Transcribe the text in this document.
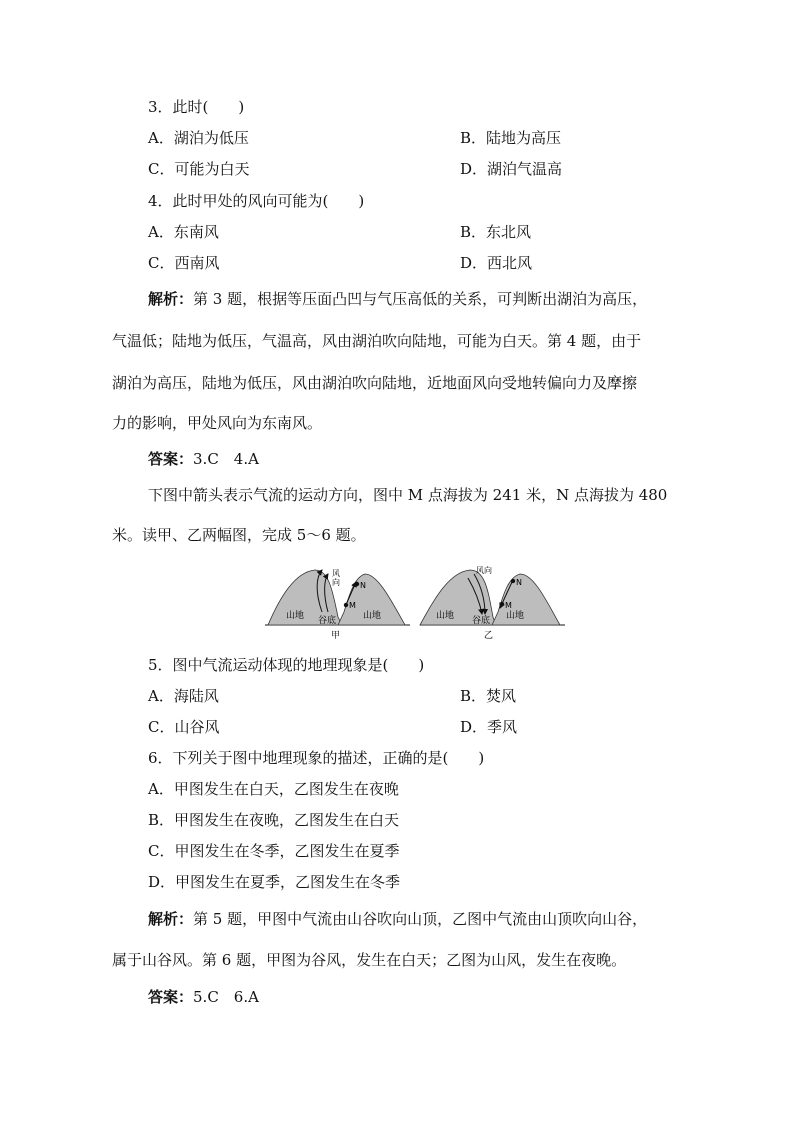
3．此时(　　)
A．湖泊为低压	B．陆地为高压
C．可能为白天	D．湖泊气温高
4．此时甲处的风向可能为(　　)
A．东南风	B．东北风
C．西南风	D．西北风
解析：第 3 题，根据等压面凸凹与气压高低的关系，可判断出湖泊为高压，
气温低；陆地为低压，气温高，风由湖泊吹向陆地，可能为白天。第 4 题，由于
湖泊为高压，陆地为低压，风由湖泊吹向陆地，近地面风向受地转偏向力及摩擦
力的影响，甲处风向为东南风。
答案：3.C　4.A
下图中箭头表示气流的运动方向，图中 M 点海拔为 241 米，N 点海拔为 480
米。读甲、乙两幅图，完成 5～6 题。
风
向	N
M
山地	山地
谷底
甲
风向
N
M
山地	山地
谷底
乙
5．图中气流运动体现的地理现象是(　　)
A．海陆风	B．焚风
C．山谷风	D．季风
6．下列关于图中地理现象的描述，正确的是(　　)
A．甲图发生在白天，乙图发生在夜晚
B．甲图发生在夜晚，乙图发生在白天
C．甲图发生在冬季，乙图发生在夏季
D．甲图发生在夏季，乙图发生在冬季
解析：第 5 题，甲图中气流由山谷吹向山顶，乙图中气流由山顶吹向山谷，
属于山谷风。第 6 题，甲图为谷风，发生在白天；乙图为山风，发生在夜晚。
答案：5.C　6.A
